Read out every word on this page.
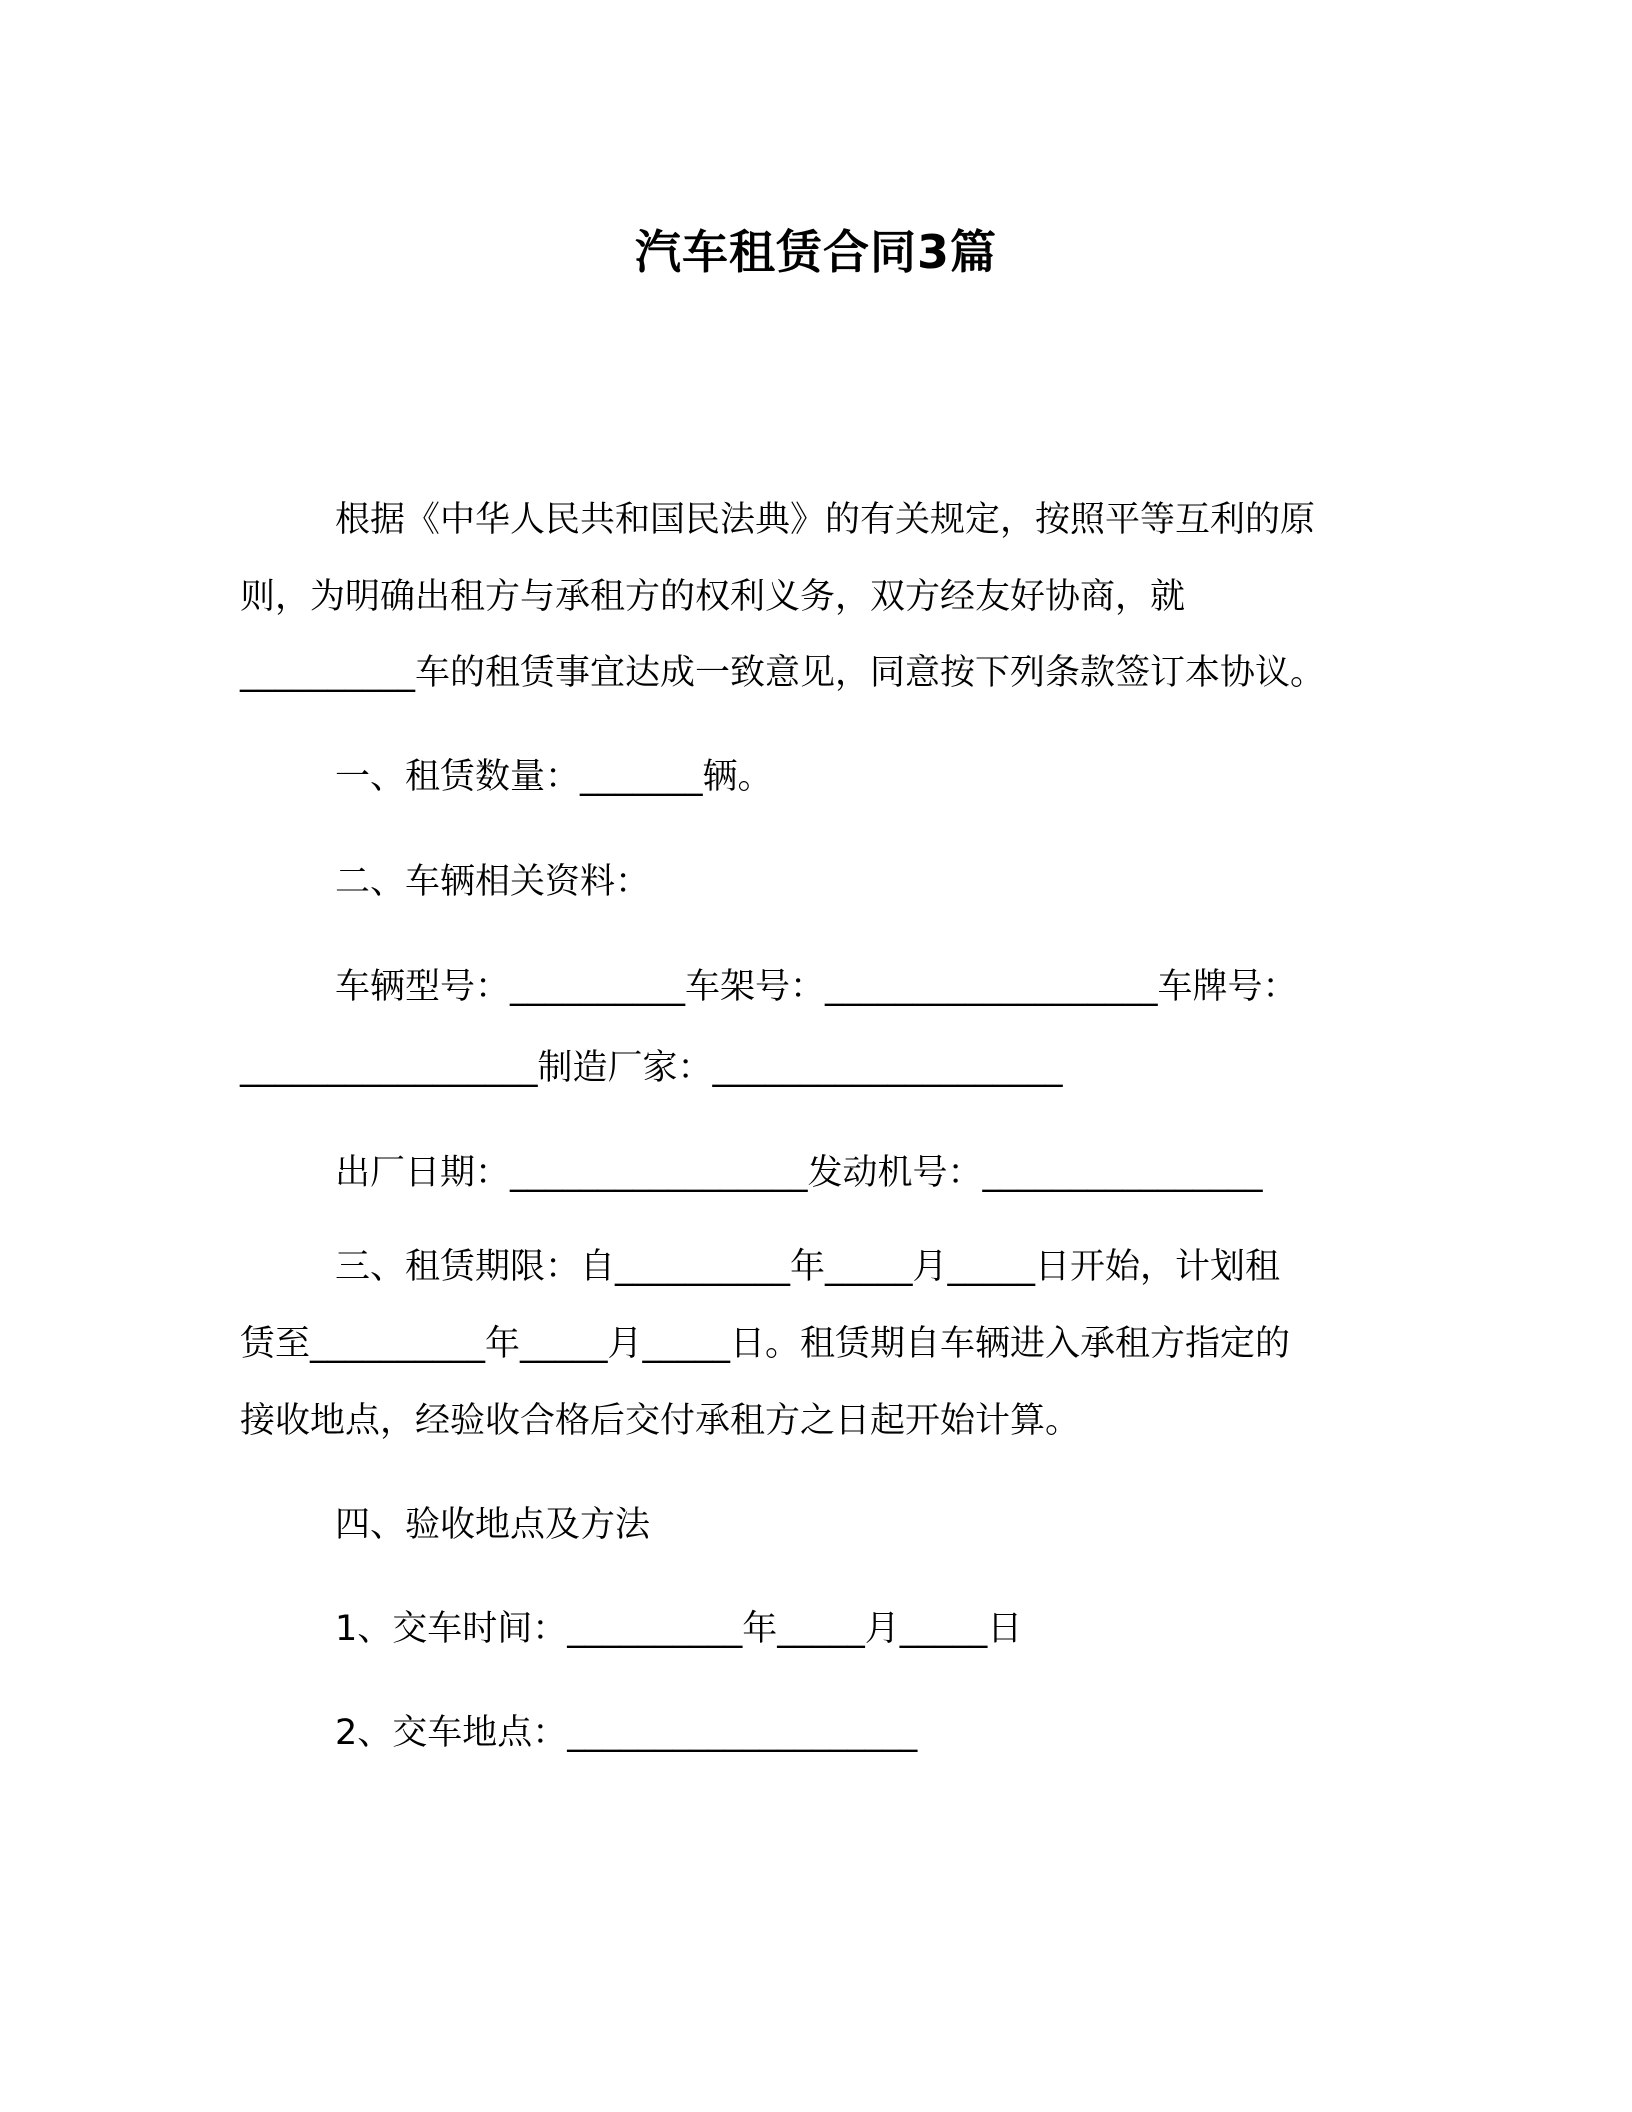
汽车租赁合同3篇
根据《中华人民共和国民法典》的有关规定，按照平等互利的原
则，为明确出租方与承租方的权利义务，双方经友好协商，就
__________车的租赁事宜达成一致意见，同意按下列条款签订本协议。
一、租赁数量：_______辆。
二、车辆相关资料：
车辆型号：__________车架号：___________________车牌号：
_________________制造厂家：____________________
出厂日期：_________________发动机号：________________
三、租赁期限：自__________年_____月_____日开始，计划租
赁至__________年_____月_____日。租赁期自车辆进入承租方指定的
接收地点，经验收合格后交付承租方之日起开始计算。
四、验收地点及方法
1、交车时间：__________年_____月_____日
2、交车地点：____________________
